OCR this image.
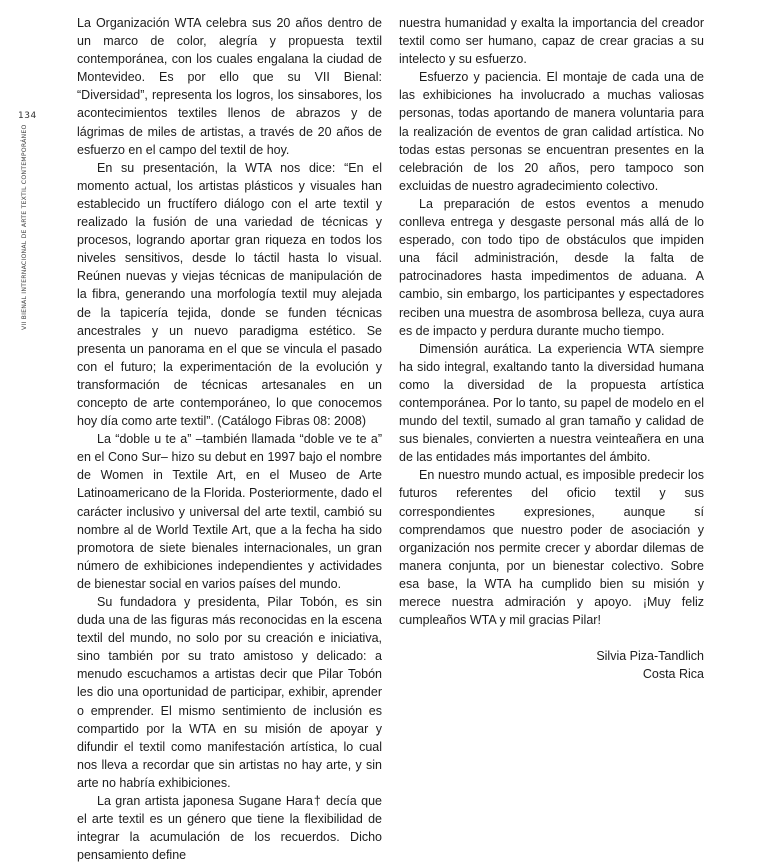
134
VII BIENAL INTERNACIONAL DE ARTE TEXTIL CONTEMPORÁNEO

La Organización WTA celebra sus 20 años dentro de un marco de color, alegría y propuesta textil contemporánea, con los cuales engalana la ciudad de Montevideo. Es por ello que su VII Bienal: “Diversidad”, representa los logros, los sinsabores, los acontecimientos textiles llenos de abrazos y de lágrimas de miles de artistas, a través de 20 años de esfuerzo en el campo del textil de hoy.

En su presentación, la WTA nos dice: “En el momento actual, los artistas plásticos y visuales han establecido un fructífero diálogo con el arte textil y realizado la fusión de una variedad de técnicas y procesos, logrando aportar gran riqueza en todos los niveles sensitivos, desde lo táctil hasta lo visual. Reúnen nuevas y viejas técnicas de manipulación de la fibra, generando una morfología textil muy alejada de la tapicería tejida, donde se funden técnicas ancestrales y un nuevo paradigma estético. Se presenta un panorama en el que se vincula el pasado con el futuro; la experimentación de la evolución y transformación de técnicas artesanales en un concepto de arte contemporáneo, lo que conocemos hoy día como arte textil”. (Catálogo Fibras 08: 2008)

La “doble u te a” –también llamada “doble ve te a” en el Cono Sur– hizo su debut en 1997 bajo el nombre de Women in Textile Art, en el Museo de Arte Latinoamericano de la Florida. Posteriormente, dado el carácter inclusivo y universal del arte textil, cambió su nombre al de World Textile Art, que a la fecha ha sido promotora de siete bienales internacionales, un gran número de exhibiciones independientes y actividades de bienestar social en varios países del mundo.

Su fundadora y presidenta, Pilar Tobón, es sin duda una de las figuras más reconocidas en la escena textil del mundo, no solo por su creación e iniciativa, sino también por su trato amistoso y delicado: a menudo escuchamos a artistas decir que Pilar Tobón les dio una oportunidad de participar, exhibir, aprender o emprender. El mismo sentimiento de inclusión es compartido por la WTA en su misión de apoyar y difundir el textil como manifestación artística, lo cual nos lleva a recordar que sin artistas no hay arte, y sin arte no habría exhibiciones.

La gran artista japonesa Sugane Hara† decía que el arte textil es un género que tiene la flexibilidad de integrar la acumulación de los recuerdos. Dicho pensamiento define

nuestra humanidad y exalta la importancia del creador textil como ser humano, capaz de crear gracias a su intelecto y su esfuerzo.

Esfuerzo y paciencia. El montaje de cada una de las exhibiciones ha involucrado a muchas valiosas personas, todas aportando de manera voluntaria para la realización de eventos de gran calidad artística. No todas estas personas se encuentran presentes en la celebración de los 20 años, pero tampoco son excluidas de nuestro agradecimiento colectivo.

La preparación de estos eventos a menudo conlleva entrega y desgaste personal más allá de lo esperado, con todo tipo de obstáculos que impiden una fácil administración, desde la falta de patrocinadores hasta impedimentos de aduana. A cambio, sin embargo, los participantes y espectadores reciben una muestra de asombrosa belleza, cuya aura es de impacto y perdura durante mucho tiempo.

Dimensión aurática. La experiencia WTA siempre ha sido integral, exaltando tanto la diversidad humana como la diversidad de la propuesta artística contemporánea. Por lo tanto, su papel de modelo en el mundo del textil, sumado al gran tamaño y calidad de sus bienales, convierten a nuestra veinteañera en una de las entidades más importantes del ámbito.

En nuestro mundo actual, es imposible predecir los futuros referentes del oficio textil y sus correspondientes expresiones, aunque sí comprendamos que nuestro poder de asociación y organización nos permite crecer y abordar dilemas de manera conjunta, por un bienestar colectivo. Sobre esa base, la WTA ha cumplido bien su misión y merece nuestra admiración y apoyo. ¡Muy feliz cumpleaños WTA y mil gracias Pilar!

Silvia Piza-Tandlich
Costa Rica
